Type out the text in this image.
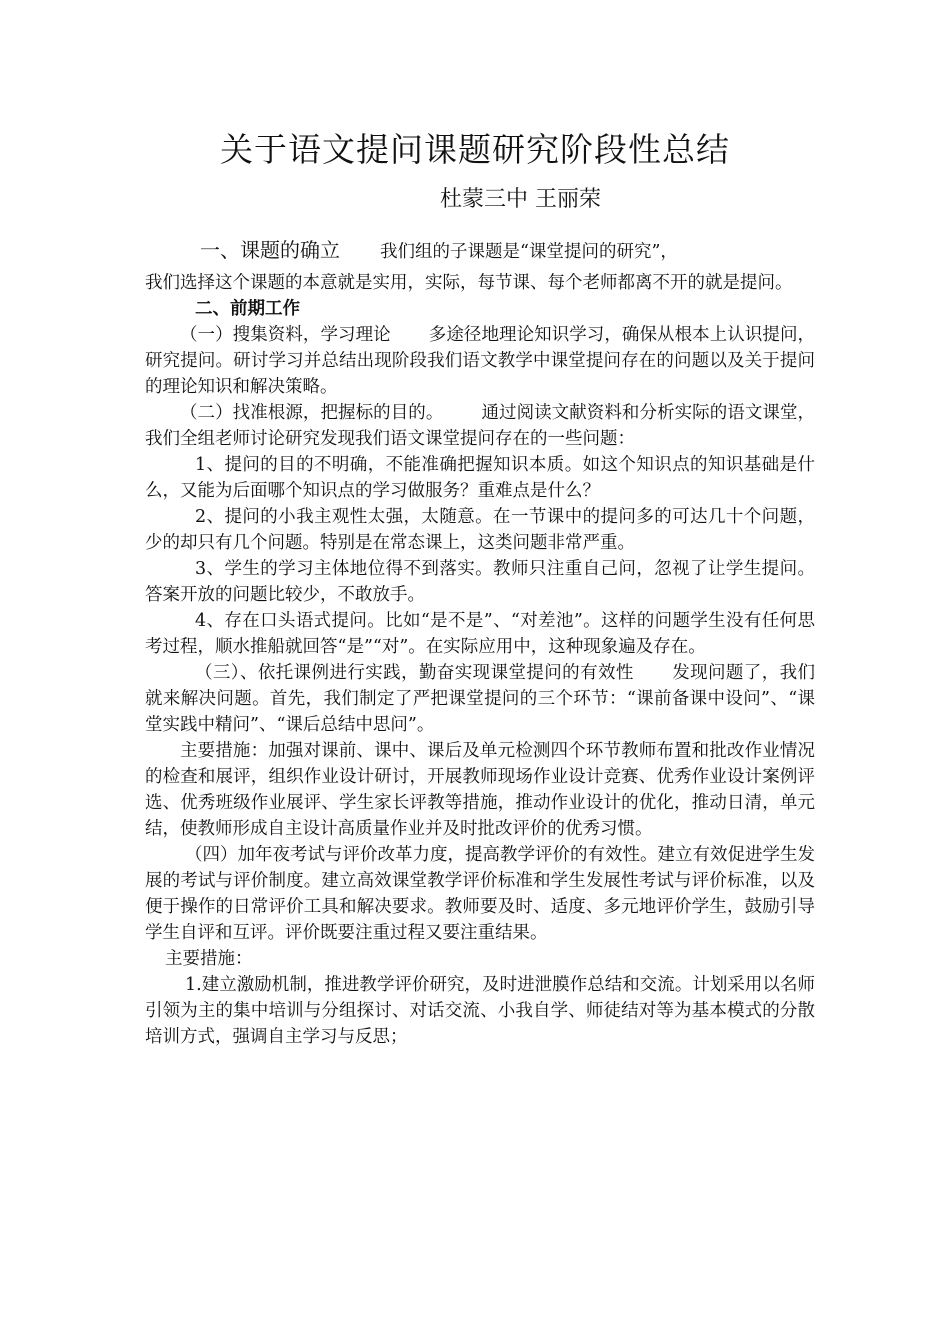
关于语文提问课题研究阶段性总结
杜蒙三中 王丽荣
一、课题的确立 我们组的子课题是“课堂提问的研究”，

我们选择这个课题的本意就是实用，实际，每节课、每个老师都离不开的就是提问。

二、前期工作

（一）搜集资料，学习理论 多途径地理论知识学习，确保从根本上认识提问，研究提问。研讨学习并总结出现阶段我们语文教学中课堂提问存在的问题以及关于提问的理论知识和解决策略。

（二）找准根源，把握标的目的。 通过阅读文献资料和分析实际的语文课堂，我们全组老师讨论研究发现我们语文课堂提问存在的一些问题：

1、提问的目的不明确，不能准确把握知识本质。如这个知识点的知识基础是什么，又能为后面哪个知识点的学习做服务？重难点是什么？

2、提问的小我主观性太强，太随意。在一节课中的提问多的可达几十个问题，少的却只有几个问题。特别是在常态课上，这类问题非常严重。

3、学生的学习主体地位得不到落实。教师只注重自己问，忽视了让学生提问。答案开放的问题比较少，不敢放手。

4、存在口头语式提问。比如“是不是”、“对差池”。这样的问题学生没有任何思考过程，顺水推船就回答“是”“对”。在实际应用中，这种现象遍及存在。

（三）、依托课例进行实践，勤奋实现课堂提问的有效性 发现问题了，我们就来解决问题。首先，我们制定了严把课堂提问的三个环节：“课前备课中设问”、“课堂实践中精问”、“课后总结中思问”。

主要措施：加强对课前、课中、课后及单元检测四个环节教师布置和批改作业情况的检查和展评，组织作业设计研讨，开展教师现场作业设计竞赛、优秀作业设计案例评选、优秀班级作业展评、学生家长评教等措施，推动作业设计的优化，推动日清，单元结，使教师形成自主设计高质量作业并及时批改评价的优秀习惯。

（四）加年夜考试与评价改革力度，提高教学评价的有效性。建立有效促进学生发展的考试与评价制度。建立高效课堂教学评价标准和学生发展性考试与评价标准，以及便于操作的日常评价工具和解决要求。教师要及时、适度、多元地评价学生，鼓励引导学生自评和互评。评价既要注重过程又要注重结果。

主要措施：

1.建立激励机制，推进教学评价研究，及时进泄膜作总结和交流。计划采用以名师引领为主的集中培训与分组探讨、对话交流、小我自学、师徒结对等为基本模式的分散培训方式，强调自主学习与反思；
